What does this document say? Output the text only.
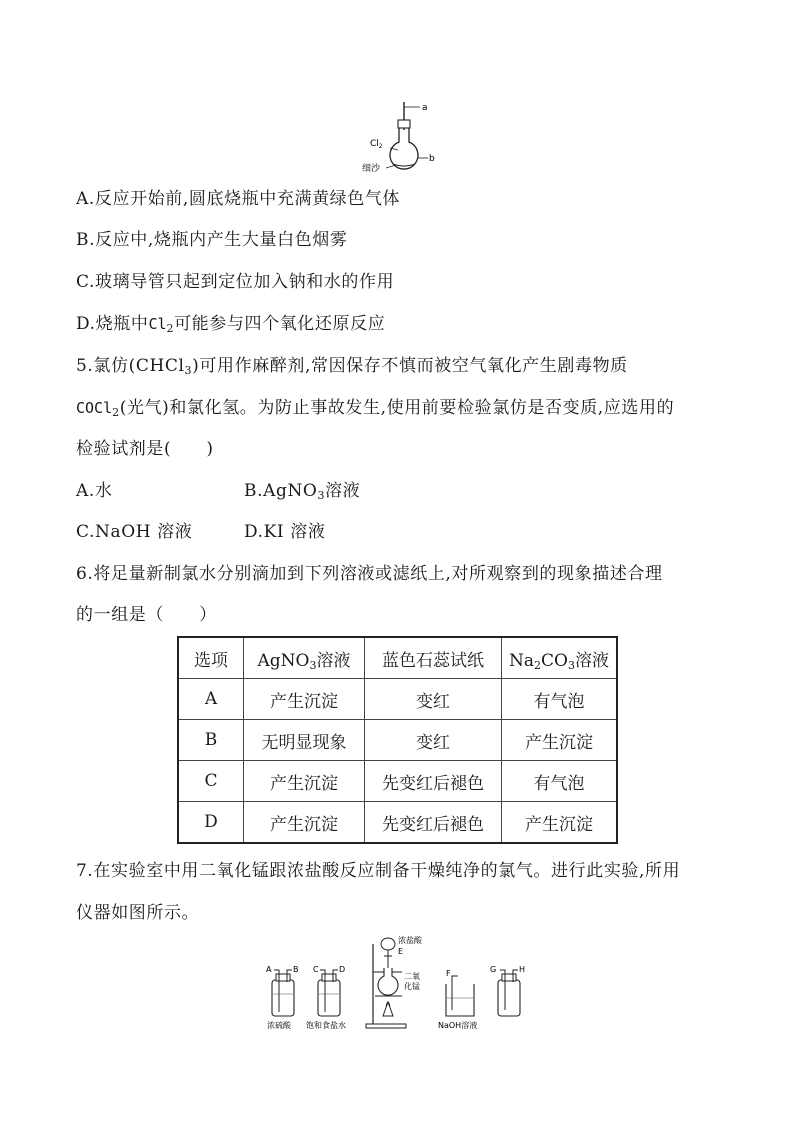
a
b
$Cl_2$
细沙
A.反应开始前,圆底烧瓶中充满黄绿色气体
B.反应中,烧瓶内产生大量白色烟雾
C.玻璃导管只起到定位加入钠和水的作用
D.烧瓶中$Cl_2$可能参与四个氧化还原反应
5.氯仿(CHCl$_3$)可用作麻醉剂,常因保存不慎而被空气氧化产生剧毒物质
COCl$_2$(光气)和氯化氢。为防止事故发生,使用前要检验氯仿是否变质,应选用的
检验试剂是(　　)
A.水	B.AgNO$_3$溶液
C.NaOH 溶液	D.KI 溶液
6.将足量新制氯水分别滴加到下列溶液或滤纸上,对所观察到的现象描述合理
的一组是（　　）
选项	AgNO$_3$溶液	蓝色石蕊试纸	$Na_2CO_3$溶液
A	产生沉淀	变红	有气泡
B	无明显现象	变红	产生沉淀
C	产生沉淀	先变红后褪色	有气泡
D	产生沉淀	先变红后褪色	产生沉淀
7.在实验室中用二氧化锰跟浓盐酸反应制备干燥纯净的氯气。进行此实验,所用
仪器如图所示。
A	B
浓硫酸
C	D
饱和食盐水
浓盐酸
E
二氧
化锰
F
NaOH溶液
G	H
